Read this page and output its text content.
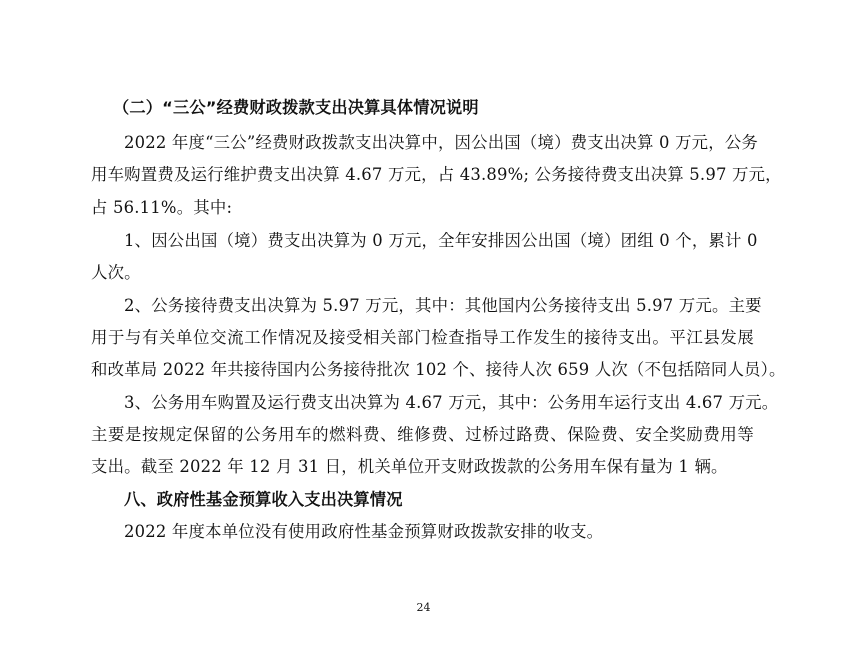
（二）“三公”经费财政拨款支出决算具体情况说明
2022 年度“三公”经费财政拨款支出决算中，因公出国（境）费支出决算 0 万元，公务
用车购置费及运行维护费支出决算 4.67 万元，占 43.89%; 公务接待费支出决算 5.97 万元，
占 56.11%。其中:
1、因公出国（境）费支出决算为 0 万元，全年安排因公出国（境）团组 0 个，累计 0
人次。
2、公务接待费支出决算为 5.97 万元，其中：其他国内公务接待支出 5.97 万元。主要
用于与有关单位交流工作情况及接受相关部门检查指导工作发生的接待支出。平江县发展
和改革局 2022 年共接待国内公务接待批次 102 个、接待人次 659 人次（不包括陪同人员）。
3、公务用车购置及运行费支出决算为 4.67 万元，其中：公务用车运行支出 4.67 万元。
主要是按规定保留的公务用车的燃料费、维修费、过桥过路费、保险费、安全奖励费用等
支出。截至 2022 年 12 月 31 日，机关单位开支财政拨款的公务用车保有量为 1 辆。
八、政府性基金预算收入支出决算情况
2022 年度本单位没有使用政府性基金预算财政拨款安排的收支。
24
